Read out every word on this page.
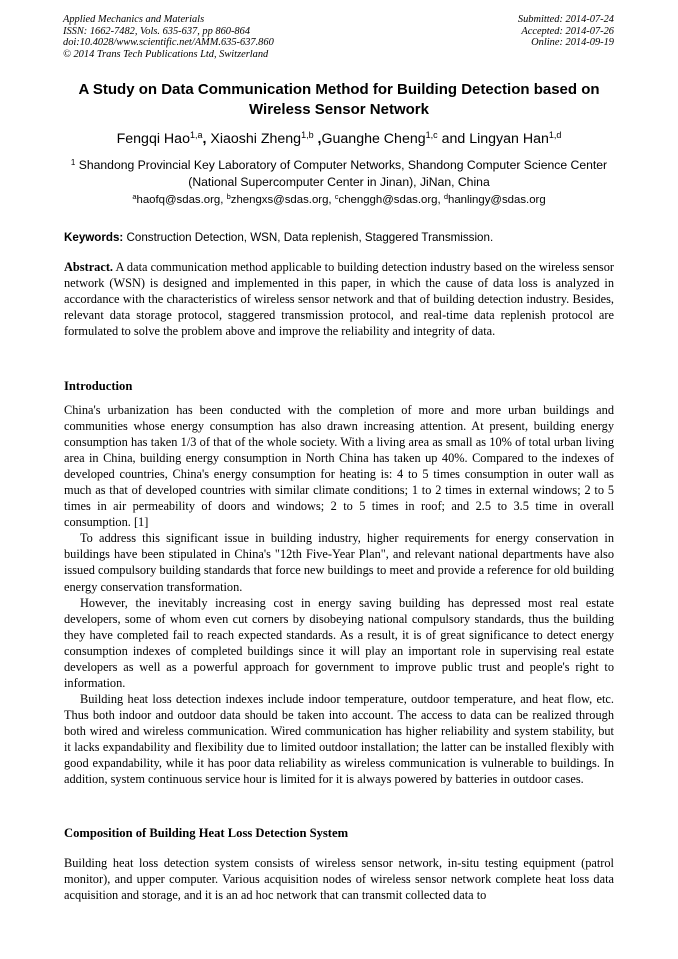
Applied Mechanics and Materials
ISSN: 1662-7482, Vols. 635-637, pp 860-864
doi:10.4028/www.scientific.net/AMM.635-637.860
© 2014 Trans Tech Publications Ltd, Switzerland
Submitted: 2014-07-24
Accepted: 2014-07-26
Online: 2014-09-19
A Study on Data Communication Method for Building Detection based on Wireless Sensor Network
Fengqi Hao$^{1,a}$, Xiaoshi Zheng$^{1,b}$ ,Guanghe Cheng$^{1,c}$ and Lingyan Han$^{1,d}$
$^1$ Shandong Provincial Key Laboratory of Computer Networks, Shandong Computer Science Center
(National Supercomputer Center in Jinan), JiNan, China
$^a$haofq@sdas.org, $^b$zhengxs@sdas.org, $^c$chenggh@sdas.org, $^d$hanlingy@sdas.org
Keywords: Construction Detection, WSN, Data replenish, Staggered Transmission.
Abstract. A data communication method applicable to building detection industry based on the wireless sensor network (WSN) is designed and implemented in this paper, in which the cause of data loss is analyzed in accordance with the characteristics of wireless sensor network and that of building detection industry. Besides, relevant data storage protocol, staggered transmission protocol, and real-time data replenish protocol are formulated to solve the problem above and improve the reliability and integrity of data.
Introduction

China's urbanization has been conducted with the completion of more and more urban buildings and communities whose energy consumption has also drawn increasing attention. At present, building energy consumption has taken 1/3 of that of the whole society. With a living area as small as 10% of total urban living area in China, building energy consumption in North China has taken up 40%. Compared to the indexes of developed countries, China's energy consumption for heating is: 4 to 5 times consumption in outer wall as much as that of developed countries with similar climate conditions; 1 to 2 times in external windows; 2 to 5 times in air permeability of doors and windows; 2 to 5 times in roof; and 2.5 to 3.5 time in overall consumption. [1]

To address this significant issue in building industry, higher requirements for energy conservation in buildings have been stipulated in China's "12th Five-Year Plan", and relevant national departments have also issued compulsory building standards that force new buildings to meet and provide a reference for old building energy conservation transformation.

However, the inevitably increasing cost in energy saving building has depressed most real estate developers, some of whom even cut corners by disobeying national compulsory standards, thus the building they have completed fail to reach expected standards. As a result, it is of great significance to detect energy consumption indexes of completed buildings since it will play an important role in supervising real estate developers as well as a powerful approach for government to improve public trust and people's right to information.

Building heat loss detection indexes include indoor temperature, outdoor temperature, and heat flow, etc. Thus both indoor and outdoor data should be taken into account. The access to data can be realized through both wired and wireless communication. Wired communication has higher reliability and system stability, but it lacks expandability and flexibility due to limited outdoor installation; the latter can be installed flexibly with good expandability, while it has poor data reliability as wireless communication is vulnerable to buildings. In addition, system continuous service hour is limited for it is always powered by batteries in outdoor cases.

Composition of Building Heat Loss Detection System

Building heat loss detection system consists of wireless sensor network, in-situ testing equipment (patrol monitor), and upper computer. Various acquisition nodes of wireless sensor network complete heat loss data acquisition and storage, and it is an ad hoc network that can transmit collected data to
